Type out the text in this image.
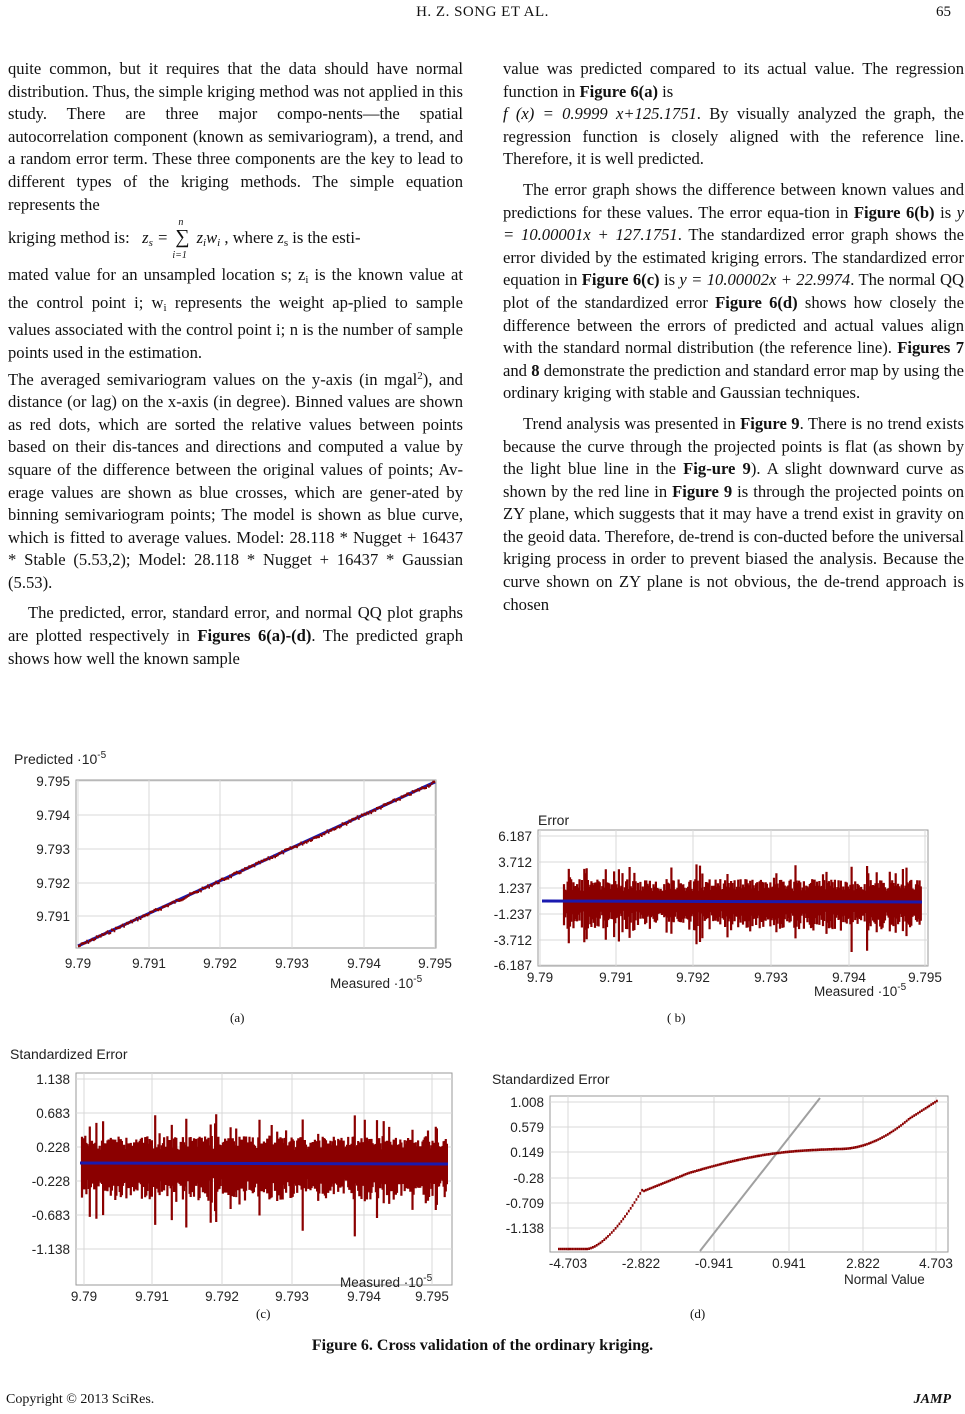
H. Z. SONG ET AL.	65

quite common, but it requires that the data should have normal distribution. Thus, the simple kriging method was not applied in this study. There are three major compo-nents—the spatial autocorrelation component (known as semivariogram), a trend, and a random error term. These three components are the key to lead to different types of the kriging methods. The simple equation represents the

kriging method is: $z_s$ =
n
∑
i=1
$z_iw_i$ , where $z_s$ is the esti-

mated value for an unsampled location s; $z_i$ is the known value at the control point i; $w_i$ represents the weight ap-plied to sample values associated with the control point i; n is the number of sample points used in the estimation.

The averaged semivariogram values on the y-axis (in mgal$^2$), and distance (or lag) on the x-axis (in degree). Binned values are shown as red dots, which are sorted the relative values between points based on their dis-tances and directions and computed a value by square of the difference between the original values of points; Av-erage values are shown as blue crosses, which are gener-ated by binning semivariogram points; The model is shown as blue curve, which is fitted to average values. Model: 28.118 * Nugget + 16437 * Stable (5.53,2); Model: 28.118 * Nugget + 16437 * Gaussian (5.53).

The predicted, error, standard error, and normal QQ plot graphs are plotted respectively in Figures 6(a)-(d). The predicted graph shows how well the known sample

value was predicted compared to its actual value. The regression function in Figure 6(a) is
f (x) = 0.9999 x+125.1751. By visually analyzed the graph, the regression function is closely aligned with the reference line. Therefore, it is well predicted.

The error graph shows the difference between known values and predictions for these values. The error equa-tion in Figure 6(b) is y = 10.00001x + 127.1751. The standardized error graph shows the error divided by the estimated kriging errors. The standardized error equation in Figure 6(c) is y = 10.00002x + 22.9974. The normal QQ plot of the standardized error Figure 6(d) shows how closely the difference between the errors of predicted and actual values align with the standard normal distribution (the reference line). Figures 7 and 8 demonstrate the prediction and standard error map by using the ordinary kriging with stable and Gaussian techniques.

Trend analysis was presented in Figure 9. There is no trend exists because the curve through the projected points is flat (as shown by the light blue line in the Fig-ure 9). A slight downward curve as shown by the red line in Figure 9 is through the projected points on ZY plane, which suggests that it may have a trend exist in gravity on the geoid data. Therefore, de-trend is con-ducted before the universal kriging process in order to prevent biased the analysis. Because the curve shown on ZY plane is not obvious, the de-trend approach is chosen

Predicted $\cdot 10^{-5}$
9.79	9.791	9.792	9.793	9.794	9.795
9.795
9.794
9.793
9.792
9.791
Measured $\cdot 10^{-5}$
Error
9.79	9.791	9.792	9.793	9.794	9.795
6.187
3.712
1.237
-1.237
-3.712
-6.187
Measured $\cdot 10^{-5}$
(a)	( b)
Standardized Error
9.79	9.791	9.792	9.793	9.794	9.795
1.138
0.683
0.228
-0.228
-0.683
-1.138
Measured $\cdot 10^{-5}$
Standardized Error
-4.703	-2.822	-0.941	0.941	2.822	4.703
1.008
0.579
0.149
-0.28
-0.709
-1.138
Normal Value
(c)	(d)
Figure 6. Cross validation of the ordinary kriging.
Copyright © 2013 SciRes.	JAMP
